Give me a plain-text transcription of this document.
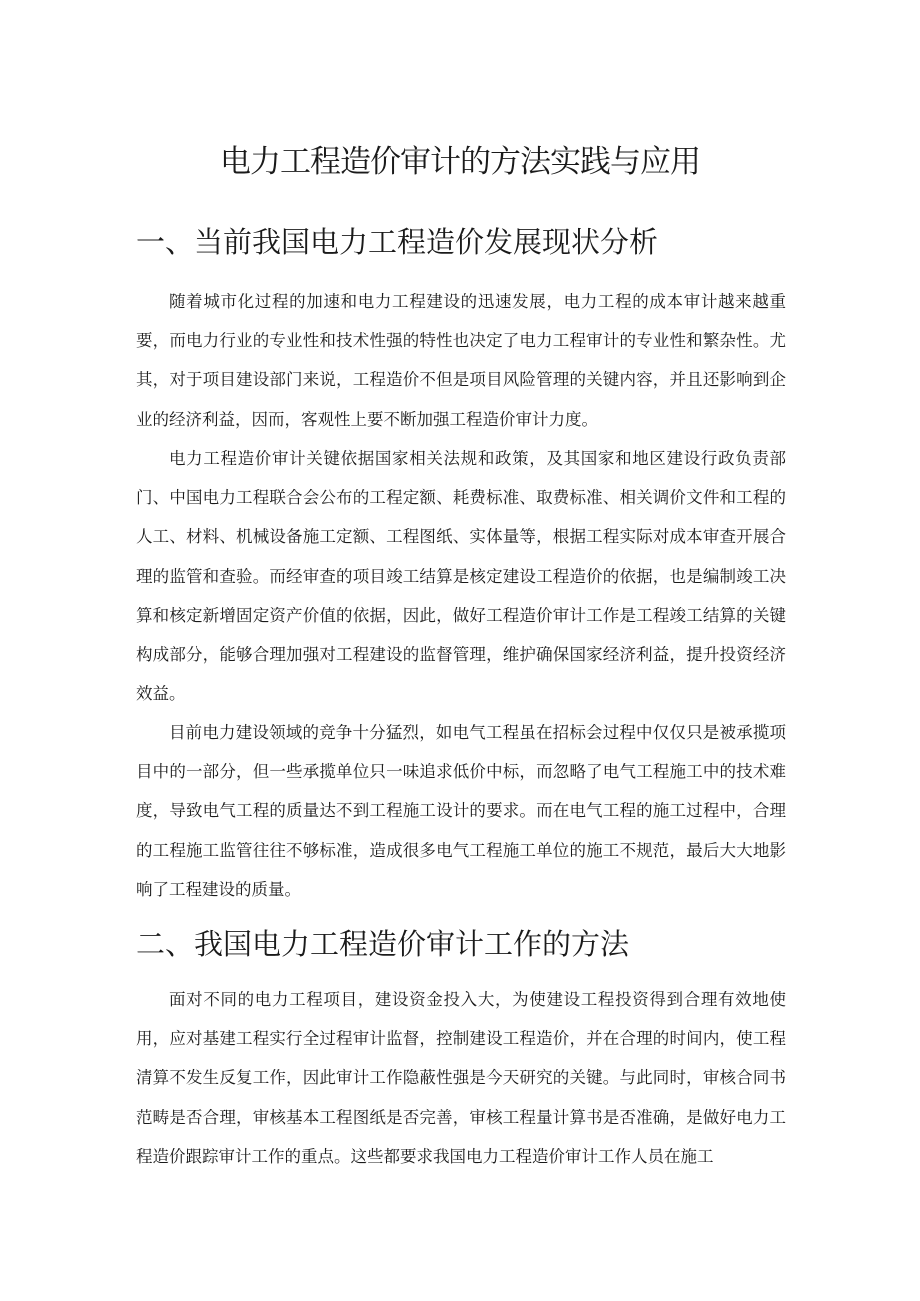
电力工程造价审计的方法实践与应用
一、当前我国电力工程造价发展现状分析

随着城市化过程的加速和电力工程建设的迅速发展，电力工程的成本审计越来越重要，而电力行业的专业性和技术性强的特性也决定了电力工程审计的专业性和繁杂性。尤其，对于项目建设部门来说，工程造价不但是项目风险管理的关键内容，并且还影响到企业的经济利益，因而，客观性上要不断加强工程造价审计力度。

电力工程造价审计关键依据国家相关法规和政策，及其国家和地区建设行政负责部门、中国电力工程联合会公布的工程定额、耗费标准、取费标准、相关调价文件和工程的人工、材料、机械设备施工定额、工程图纸、实体量等，根据工程实际对成本审查开展合理的监管和查验。而经审查的项目竣工结算是核定建设工程造价的依据，也是编制竣工决算和核定新增固定资产价值的依据，因此，做好工程造价审计工作是工程竣工结算的关键构成部分，能够合理加强对工程建设的监督管理，维护确保国家经济利益，提升投资经济效益。

目前电力建设领域的竞争十分猛烈，如电气工程虽在招标会过程中仅仅只是被承揽项目中的一部分，但一些承揽单位只一味追求低价中标，而忽略了电气工程施工中的技术难度，导致电气工程的质量达不到工程施工设计的要求。而在电气工程的施工过程中，合理的工程施工监管往往不够标准，造成很多电气工程施工单位的施工不规范，最后大大地影响了工程建设的质量。

二、我国电力工程造价审计工作的方法

面对不同的电力工程项目，建设资金投入大，为使建设工程投资得到合理有效地使用，应对基建工程实行全过程审计监督，控制建设工程造价，并在合理的时间内，使工程清算不发生反复工作，因此审计工作隐蔽性强是今天研究的关键。与此同时，审核合同书范畴是否合理，审核基本工程图纸是否完善，审核工程量计算书是否准确，是做好电力工程造价跟踪审计工作的重点。这些都要求我国电力工程造价审计工作人员在施工
